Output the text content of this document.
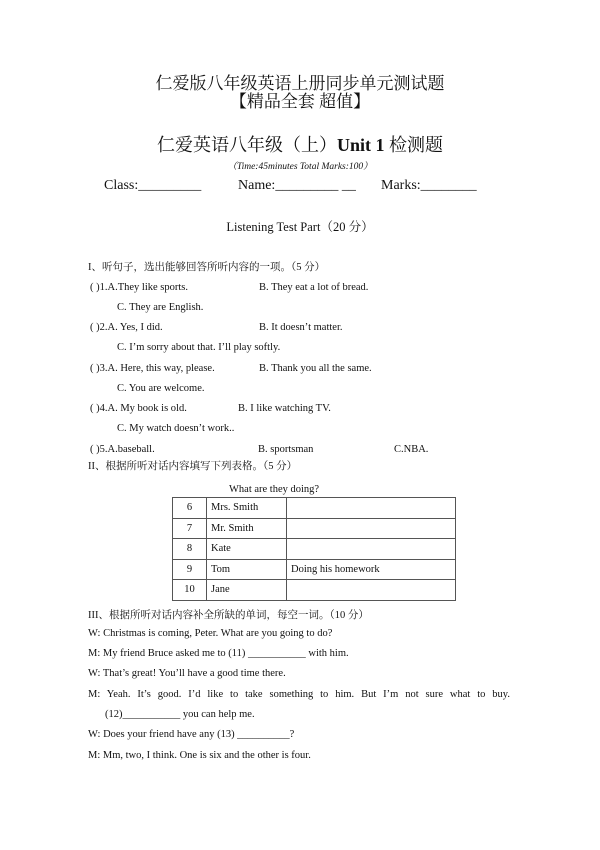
仁爱版八年级英语上册同步单元测试题
【精品全套 超值】
仁爱英语八年级（上）Unit 1 检测题
（Time:45minutes Total Marks:100）
Class:_________	Name:_________ __ Marks:________
Listening Test Part（20 分）
I、听句子，选出能够回答所听内容的一项。（5 分）
( )1.A.They like sports.	B. They eat a lot of bread.
C. They are English.
( )2.A. Yes, I did.	B. It doesn’t matter.
C. I’m sorry about that. I’ll play softly.
( )3.A. Here, this way, please.	B. Thank you all the same.
C. You are welcome.
( )4.A. My book is old.	B. I like watching TV.
C. My watch doesn’t work..
( )5.A.baseball.	B. sportsman	C.NBA.
II、根据所听对话内容填写下列表格。（5 分）
What are they doing?
6	Mrs. Smith	
7	Mr. Smith	
8	Kate	
9	Tom	Doing his homework
10	Jane	
III、根据所听对话内容补全所缺的单词，每空一词。（10 分）
W: Christmas is coming, Peter. What are you going to do?
M: My friend Bruce asked me to (11) ___________ with him.
W: That’s great! You’ll have a good time there.
M: Yeah. It’s good. I’d like to take something to him. But I’m not sure what to buy.
(12)___________ you can help me.
W: Does your friend have any (13) __________?
M: Mm, two, I think. One is six and the other is four.
